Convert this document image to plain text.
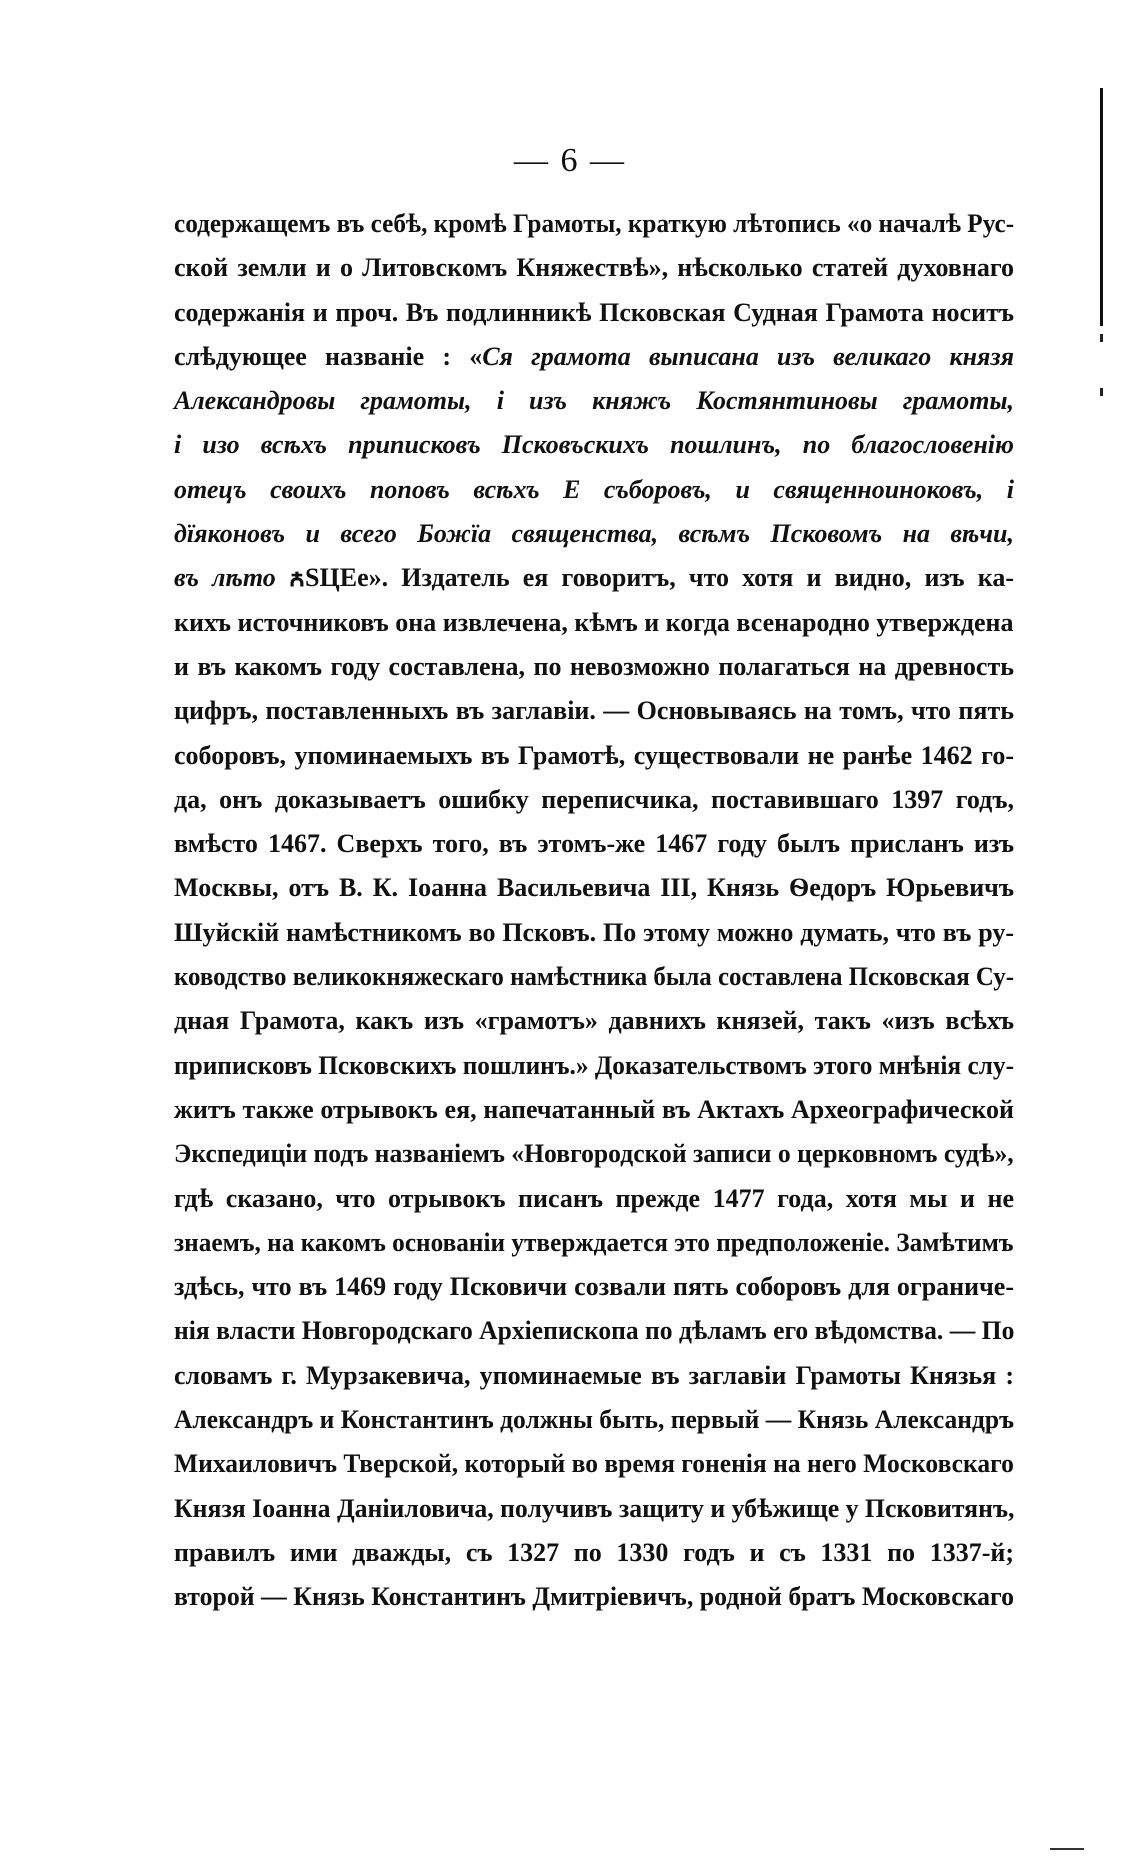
— 6 —
содержащемъ въ себѣ, кромѣ Грамоты, краткую лѣтопись «о началѣ Рус-
ской земли и о Литовскомъ Княжествѣ», нѣсколько статей духовнаго
содержанія и проч. Въ подлинникѣ Псковская Судная Грамота носитъ
слѣдующее названіе : «Ся грамота выписана изъ великаго князя
Александровы грамоты, і изъ княжъ Костянтиновы грамоты,
і изо всѣхъ приписковъ Псковъскихъ пошлинъ, по благословенію
отецъ своихъ поповъ всѣхъ Е съборовъ, и священноиноковъ, і
дїяконовъ и всего Божїа священства, всѣмъ Псковомъ на вѣчи,
въ лѣто ꙉЅЦЕе». Издатель ея говоритъ, что хотя и видно, изъ ка-
кихъ источниковъ она извлечена, кѣмъ и когда всенародно утверждена
и въ какомъ году составлена, по невозможно полагаться на древность
цифръ, поставленныхъ въ заглавіи. — Основываясь на томъ, что пять
соборовъ, упоминаемыхъ въ Грамотѣ, существовали не ранѣе 1462 го-
да, онъ доказываетъ ошибку переписчика, поставившаго 1397 годъ,
вмѣсто 1467. Сверхъ того, въ этомъ-же 1467 году былъ присланъ изъ
Москвы, отъ В. К. Іоанна Васильевича III, Князь Ѳедоръ Юрьевичъ
Шуйскій намѣстникомъ во Псковъ. По этому можно думать, что въ ру-
ководство великокняжескаго намѣстника была составлена Псковская Су-
дная Грамота, какъ изъ «грамотъ» давнихъ князей, такъ «изъ всѣхъ
приписковъ Псковскихъ пошлинъ.» Доказательствомъ этого мнѣнія слу-
житъ также отрывокъ ея, напечатанный въ Актахъ Археографической
Экспедиціи подъ названіемъ «Новгородской записи о церковномъ судѣ»,
гдѣ сказано, что отрывокъ писанъ прежде 1477 года, хотя мы и не
знаемъ, на какомъ основаніи утверждается это предположеніе. Замѣтимъ
здѣсь, что въ 1469 году Псковичи созвали пять соборовъ для ограниче-
нія власти Новгородскаго Архіепископа по дѣламъ его вѣдомства. — По
словамъ г. Мурзакевича, упоминаемые въ заглавіи Грамоты Князья :
Александръ и Константинъ должны быть, первый — Князь Александръ
Михаиловичъ Тверской, который во время гоненія на него Московскаго
Князя Іоанна Даніиловича, получивъ защиту и убѣжище у Псковитянъ,
правилъ ими дважды, съ 1327 по 1330 годъ и съ 1331 по 1337-й;
второй — Князь Константинъ Дмитріевичъ, родной братъ Московскаго
